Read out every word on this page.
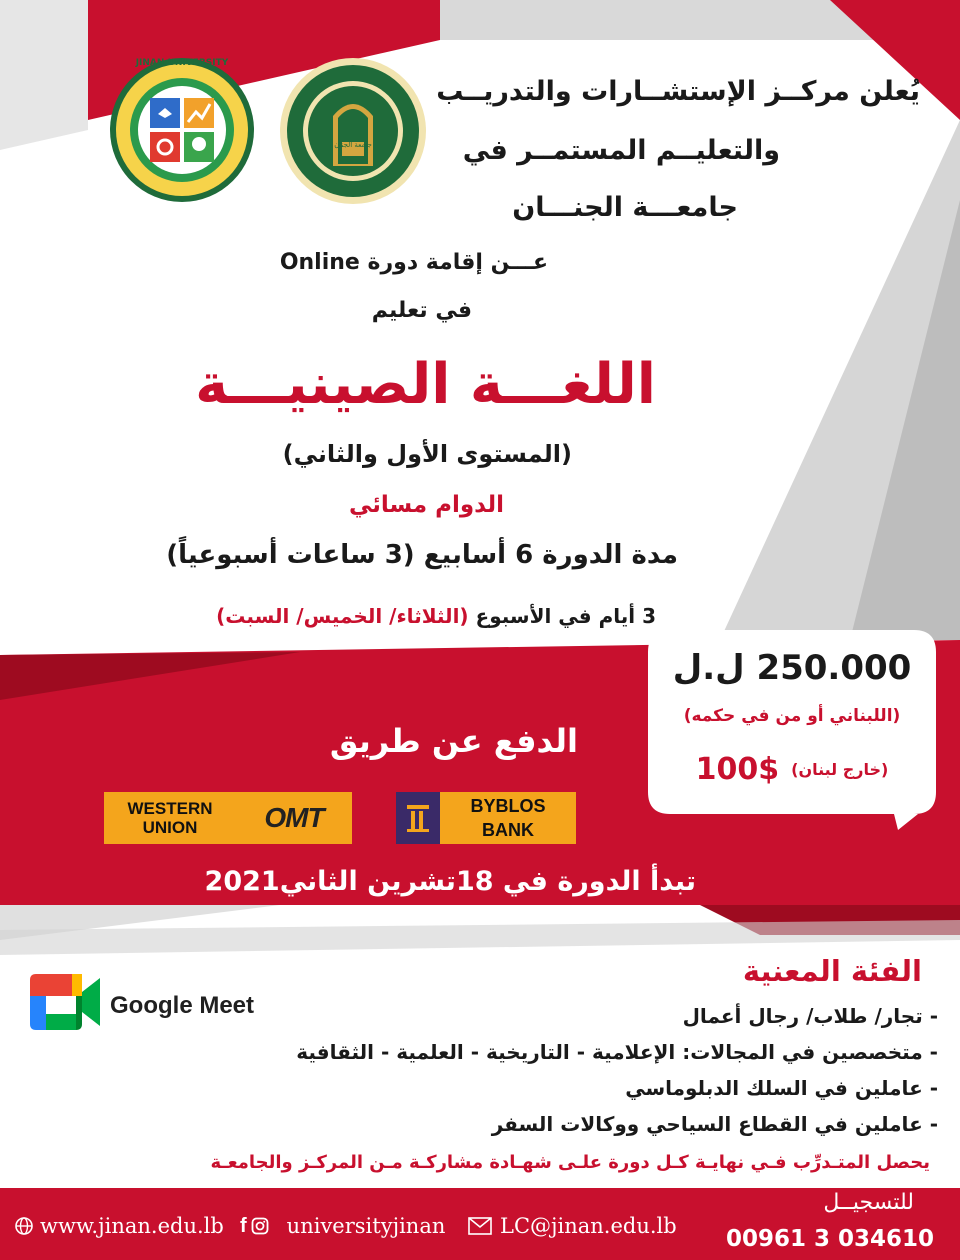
JINAN UNIVERSITY
جامعة الجنان
يُعلن مركــز الإستشــارات والتدريــب
والتعليــم المستمــر في
جامعـــة الجنـــان
عـــن إقامة دورة Online
في تعليم
اللغـــة الصينيـــة
(المستوى الأول والثاني)
الدوام مسائي
مدة الدورة 6 أسابيع (3 ساعات أسبوعياً)
3 أيام في الأسبوع (الثلاثاء/ الخميس/ السبت)
250.000 ل.ل
(اللبناني أو من في حكمه)
(خارج لبنان)
100$
الدفع عن طريق
WESTERN
UNION	OMT	BYBLOS
BANK
تبدأ الدورة في 18تشرين الثاني2021
الفئة المعنية
- تجار/ طلاب/ رجال أعمال
- متخصصين في المجالات: الإعلامية - التاريخية - العلمية - الثقافية
- عاملين في السلك الدبلوماسي
- عاملين في القطاع السياحي ووكالات السفر
يحصل المتـدرِّب فـي نهايـة كـل دورة علـى شهـادة مشاركـة مـن المركـز والجامعـة
Google Meet
www.jinan.edu.lb f universityjinan	LC@jinan.edu.lb
للتسجيــل
00961 3 034610
